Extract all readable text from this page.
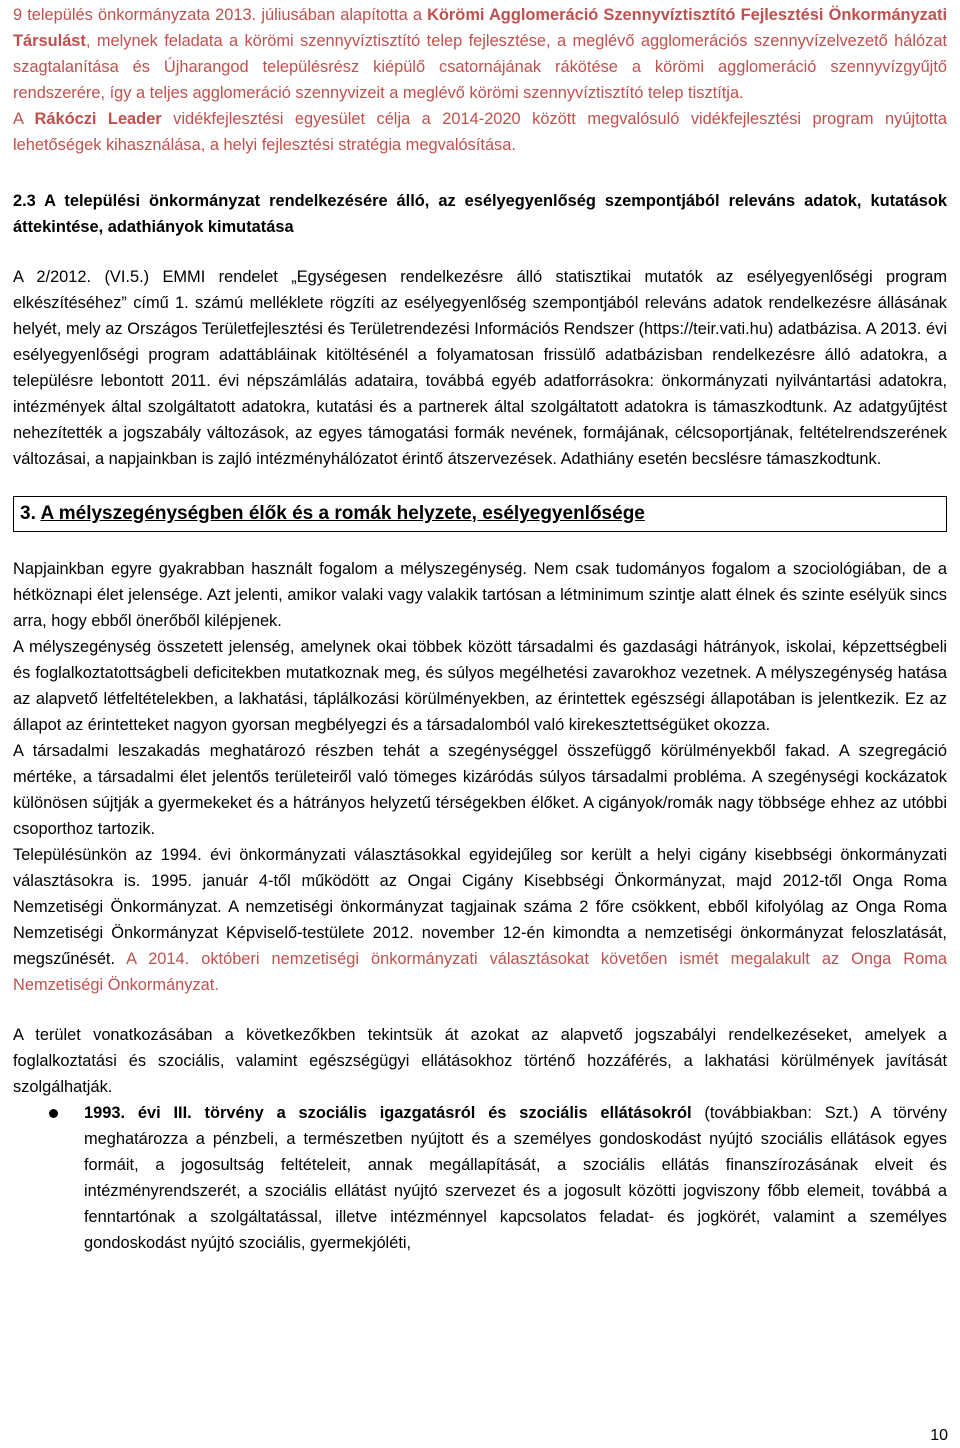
9 település önkormányzata 2013. júliusában alapította a Körömi Agglomeráció Szennyvíztisztító Fejlesztési Önkormányzati Társulást, melynek feladata a körömi szennyvíztisztító telep fejlesztése, a meglévő agglomerációs szennyvízelvezető hálózat szagtalanítása és Újharangod településrész kiépülő csatornájának rákötése a körömi agglomeráció szennyvízgyűjtő rendszerére, így a teljes agglomeráció szennyvizeit a meglévő körömi szennyvíztisztító telep tisztítja.

A Rákóczi Leader vidékfejlesztési egyesület célja a 2014-2020 között megvalósuló vidékfejlesztési program nyújtotta lehetőségek kihasználása, a helyi fejlesztési stratégia megvalósítása.

2.3 A települési önkormányzat rendelkezésére álló, az esélyegyenlőség szempontjából releváns adatok, kutatások áttekintése, adathiányok kimutatása

A 2/2012. (VI.5.) EMMI rendelet „Egységesen rendelkezésre álló statisztikai mutatók az esélyegyenlőségi program elkészítéséhez” című 1. számú melléklete rögzíti az esélyegyenlőség szempontjából releváns adatok rendelkezésre állásának helyét, mely az Országos Területfejlesztési és Területrendezési Információs Rendszer (https://teir.vati.hu) adatbázisa. A 2013. évi esélyegyenlőségi program adattábláinak kitöltésénél a folyamatosan frissülő adatbázisban rendelkezésre álló adatokra, a településre lebontott 2011. évi népszámlálás adataira, továbbá egyéb adatforrásokra: önkormányzati nyilvántartási adatokra, intézmények által szolgáltatott adatokra, kutatási és a partnerek által szolgáltatott adatokra is támaszkodtunk. Az adatgyűjtést nehezítették a jogszabály változások, az egyes támogatási formák nevének, formájának, célcsoportjának, feltételrendszerének változásai, a napjainkban is zajló intézményhálózatot érintő átszervezések. Adathiány esetén becslésre támaszkodtunk.

3. A mélyszegénységben élők és a romák helyzete, esélyegyenlősége

Napjainkban egyre gyakrabban használt fogalom a mélyszegénység. Nem csak tudományos fogalom a szociológiában, de a hétköznapi élet jelensége. Azt jelenti, amikor valaki vagy valakik tartósan a létminimum szintje alatt élnek és szinte esélyük sincs arra, hogy ebből önerőből kilépjenek.

A mélyszegénység összetett jelenség, amelynek okai többek között társadalmi és gazdasági hátrányok, iskolai, képzettségbeli és foglalkoztatottságbeli deficitekben mutatkoznak meg, és súlyos megélhetési zavarokhoz vezetnek. A mélyszegénység hatása az alapvető létfeltételekben, a lakhatási, táplálkozási körülményekben, az érintettek egészségi állapotában is jelentkezik. Ez az állapot az érintetteket nagyon gyorsan megbélyegzi és a társadalomból való kirekesztettségüket okozza.

A társadalmi leszakadás meghatározó részben tehát a szegénységgel összefüggő körülményekből fakad. A szegregáció mértéke, a társadalmi élet jelentős területeiről való tömeges kizáródás súlyos társadalmi probléma. A szegénységi kockázatok különösen sújtják a gyermekeket és a hátrányos helyzetű térségekben élőket. A cigányok/romák nagy többsége ehhez az utóbbi csoporthoz tartozik.

Településünkön az 1994. évi önkormányzati választásokkal egyidejűleg sor került a helyi cigány kisebbségi önkormányzati választásokra is. 1995. január 4-től működött az Ongai Cigány Kisebbségi Önkormányzat, majd 2012-től Onga Roma Nemzetiségi Önkormányzat. A nemzetiségi önkormányzat tagjainak száma 2 főre csökkent, ebből kifolyólag az Onga Roma Nemzetiségi Önkormányzat Képviselő-testülete 2012. november 12-én kimondta a nemzetiségi önkormányzat feloszlatását, megszűnését. A 2014. októberi nemzetiségi önkormányzati választásokat követően ismét megalakult az Onga Roma Nemzetiségi Önkormányzat.

A terület vonatkozásában a következőkben tekintsük át azokat az alapvető jogszabályi rendelkezéseket, amelyek a foglalkoztatási és szociális, valamint egészségügyi ellátásokhoz történő hozzáférés, a lakhatási körülmények javítását szolgálhatják.

1993. évi III. törvény a szociális igazgatásról és szociális ellátásokról (továbbiakban: Szt.) A törvény meghatározza a pénzbeli, a természetben nyújtott és a személyes gondoskodást nyújtó szociális ellátások egyes formáit, a jogosultság feltételeit, annak megállapítását, a szociális ellátás finanszírozásának elveit és intézményrendszerét, a szociális ellátást nyújtó szervezet és a jogosult közötti jogviszony főbb elemeit, továbbá a fenntartónak a szolgáltatással, illetve intézménnyel kapcsolatos feladat- és jogkörét, valamint a személyes gondoskodást nyújtó szociális, gyermekjóléti,

10
